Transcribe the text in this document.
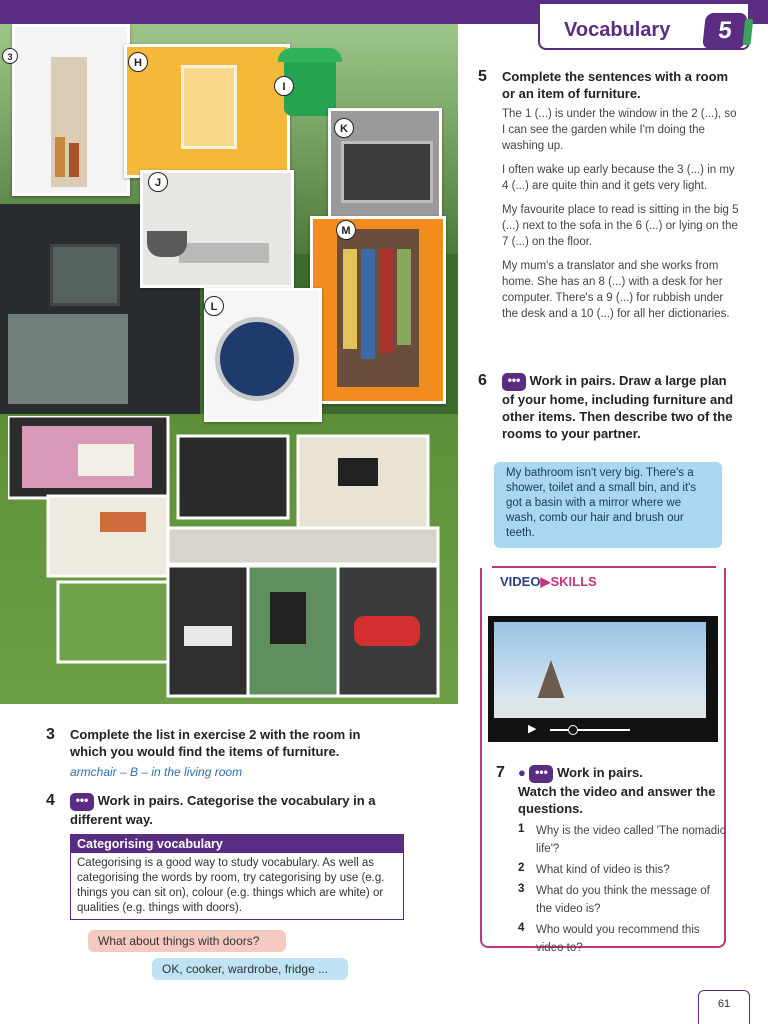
Vocabulary	5
H
I
J
K
L
M
3
5 Complete the sentences with a room or an item of furniture.
The 1 (...) is under the window in the 2 (...), so I can see the garden while I'm doing the washing up.
I often wake up early because the 3 (...) in my 4 (...) are quite thin and it gets very light.
My favourite place to read is sitting in the big 5 (...) next to the sofa in the 6 (...) or lying on the 7 (...) on the floor.
My mum's a translator and she works from home. She has an 8 (...) with a desk for her computer. There's a 9 (...) for rubbish under the desk and a 10 (...) for all her dictionaries.
6	••• Work in pairs. Draw a large plan of your home, including furniture and other items. Then describe two of the rooms to your partner.
My bathroom isn't very big. There's a shower, toilet and a small bin, and it's got a basin with a mirror where we wash, comb our hair and brush our teeth.
VIDEO▶SKILLS
▶
7 ● ••• Work in pairs.
Watch the video and answer the questions.
1 Why is the video called 'The nomadic life'?
2 What kind of video is this?
3 What do you think the message of the video is?
4 Who would you recommend this video to?
3 Complete the list in exercise 2 with the room in which you would find the items of furniture.
armchair – B – in the living room
4	••• Work in pairs. Categorise the vocabulary in a different way.
Categorising vocabulary
Categorising is a good way to study vocabulary. As well as categorising the words by room, try categorising by use (e.g. things you can sit on), colour (e.g. things which are white) or qualities (e.g. things with doors).
What about things with doors?
OK, cooker, wardrobe, fridge ...
61
